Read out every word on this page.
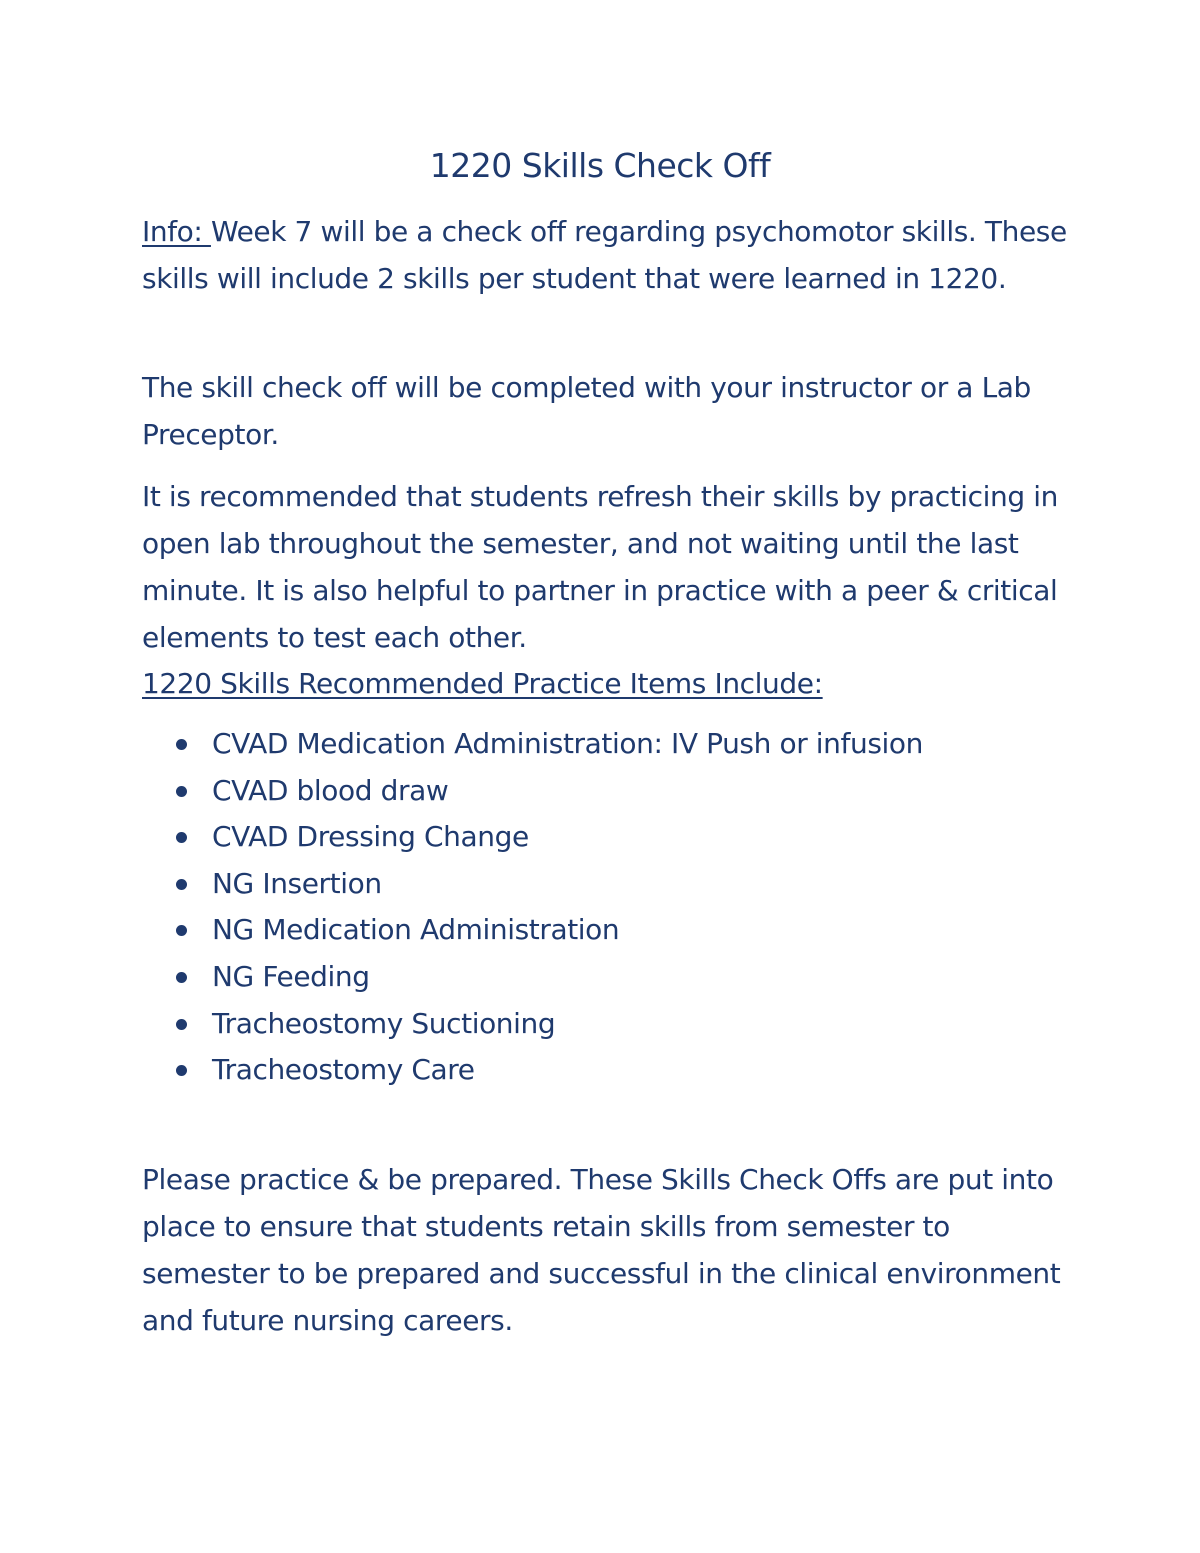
1220 Skills Check Off

Info: Week 7 will be a check off regarding psychomotor skills. These skills will include 2 skills per student that were learned in 1220.

The skill check off will be completed with your instructor or a Lab Preceptor.

It is recommended that students refresh their skills by practicing in open lab throughout the semester, and not waiting until the last minute. It is also helpful to partner in practice with a peer & critical elements to test each other.

1220 Skills Recommended Practice Items Include:

CVAD Medication Administration: IV Push or infusion
CVAD blood draw
CVAD Dressing Change
NG Insertion
NG Medication Administration
NG Feeding
Tracheostomy Suctioning
Tracheostomy Care

Please practice & be prepared. These Skills Check Offs are put into place to ensure that students retain skills from semester to semester to be prepared and successful in the clinical environment and future nursing careers.
